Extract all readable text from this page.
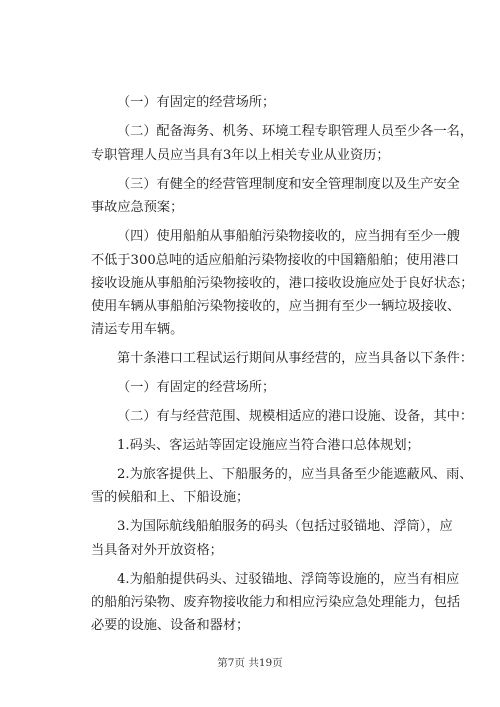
（一）有固定的经营场所；
（二）配备海务、机务、环境工程专职管理人员至少各一名，
专职管理人员应当具有3年以上相关专业从业资历；
（三）有健全的经营管理制度和安全管理制度以及生产安全
事故应急预案；
（四）使用船舶从事船舶污染物接收的，应当拥有至少一艘
不低于300总吨的适应船舶污染物接收的中国籍船舶；使用港口
接收设施从事船舶污染物接收的，港口接收设施应处于良好状态；
使用车辆从事船舶污染物接收的，应当拥有至少一辆垃圾接收、
清运专用车辆。
第十条港口工程试运行期间从事经营的，应当具备以下条件：
（一）有固定的经营场所；
（二）有与经营范围、规模相适应的港口设施、设备，其中：
1.码头、客运站等固定设施应当符合港口总体规划；
2.为旅客提供上、下船服务的，应当具备至少能遮蔽风、雨、
雪的候船和上、下船设施；
3.为国际航线船舶服务的码头（包括过驳锚地、浮筒），应
当具备对外开放资格；
4.为船舶提供码头、过驳锚地、浮筒等设施的，应当有相应
的船舶污染物、废弃物接收能力和相应污染应急处理能力，包括
必要的设施、设备和器材；
第7页 共19页
